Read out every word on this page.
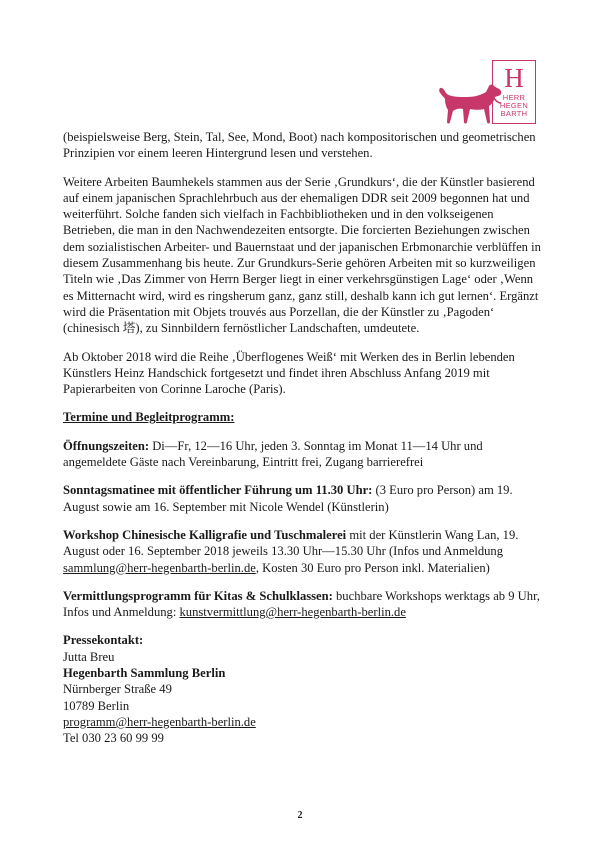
H
HERR
HEGEN
BARTH

(beispielsweise Berg, Stein, Tal, See, Mond, Boot) nach kompositorischen und geometrischen Prinzipien vor einem leeren Hintergrund lesen und verstehen.

Weitere Arbeiten Baumhekels stammen aus der Serie ‚Grundkurs‘, die der Künstler basierend auf einem japanischen Sprachlehrbuch aus der ehemaligen DDR seit 2009 begonnen hat und weiterführt. Solche fanden sich vielfach in Fachbibliotheken und in den volkseigenen Betrieben, die man in den Nachwendezeiten entsorgte. Die forcierten Beziehungen zwischen dem sozialistischen Arbeiter- und Bauernstaat und der japanischen Erbmonarchie verblüffen in diesem Zusammenhang bis heute. Zur Grundkurs-Serie gehören Arbeiten mit so kurzweiligen Titeln wie ‚Das Zimmer von Herrn Berger liegt in einer verkehrsgünstigen Lage‘ oder ‚Wenn es Mitternacht wird, wird es ringsherum ganz, ganz still, deshalb kann ich gut lernen‘. Ergänzt wird die Präsentation mit Objets trouvés aus Porzellan, die der Künstler zu ‚Pagoden‘ (chinesisch 塔), zu Sinnbildern fernöstlicher Landschaften, umdeutete.

Ab Oktober 2018 wird die Reihe ‚Überflogenes Weiß‘ mit Werken des in Berlin lebenden Künstlers Heinz Handschick fortgesetzt und findet ihren Abschluss Anfang 2019 mit Papierarbeiten von Corinne Laroche (Paris).

Termine und Begleitprogramm:

Öffnungszeiten: Di—Fr, 12—16 Uhr, jeden 3. Sonntag im Monat 11—14 Uhr und angemeldete Gäste nach Vereinbarung, Eintritt frei, Zugang barrierefrei

Sonntagsmatinee mit öffentlicher Führung um 11.30 Uhr: (3 Euro pro Person) am 19. August sowie am 16. September mit Nicole Wendel (Künstlerin)

Workshop Chinesische Kalligrafie und Tuschmalerei mit der Künstlerin Wang Lan, 19. August oder 16. September 2018 jeweils 13.30 Uhr—15.30 Uhr (Infos und Anmeldung sammlung@herr-hegenbarth-berlin.de, Kosten 30 Euro pro Person inkl. Materialien)

Vermittlungsprogramm für Kitas & Schulklassen: buchbare Workshops werktags ab 9 Uhr, Infos und Anmeldung: kunstvermittlung@herr-hegenbarth-berlin.de

Pressekontakt:
Jutta Breu
Hegenbarth Sammlung Berlin
Nürnberger Straße 49
10789 Berlin
programm@herr-hegenbarth-berlin.de
Tel 030 23 60 99 99
2
